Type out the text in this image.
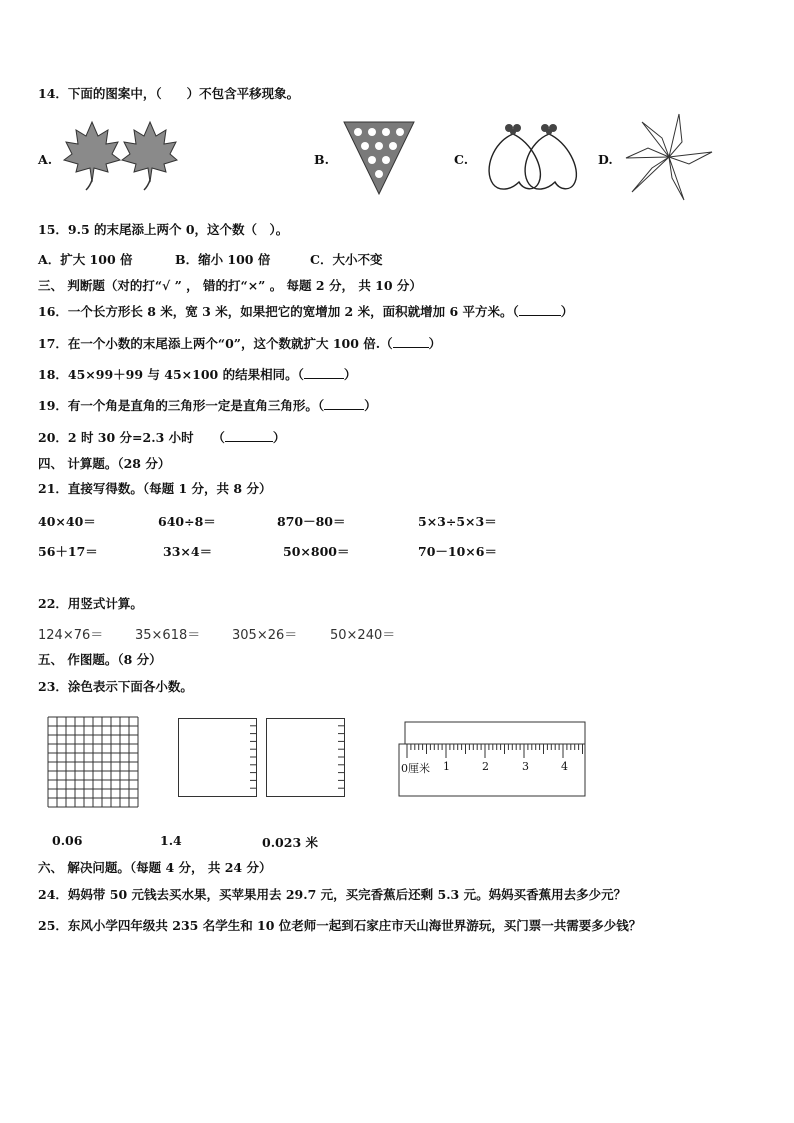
14．下面的图案中，（　　）不包含平移现象。
A.	B.	C.	D.
15．9.5 的末尾添上两个 0，这个数（　）。
A．扩大 100 倍	B．缩小 100 倍	C．大小不变
三、 判断题（对的打“√ ” ， 错的打“×” 。 每题 2 分， 共 10 分）
16．一个长方形长 8 米，宽 3 米，如果把它的宽增加 2 米，面积就增加 6 平方米。（	）
17．在一个小数的末尾添上两个“0”，这个数就扩大 100 倍.（	）
18．45×99＋99 与 45×100 的结果相同。（	）
19．有一个角是直角的三角形一定是直角三角形。（	）
20．2 时 30 分=2.3 小时　　（	）
四、 计算题。（28 分）
21．直接写得数。（每题 1 分，共 8 分）
40×40＝	640÷8＝	870－80＝	5×3÷5×3＝
56＋17＝	33×4＝	50×800＝	70－10×6＝
22．用竖式计算。
124×76＝ 35×618＝ 305×26＝	50×240＝
五、 作图题。（8 分）
23．涂色表示下面各小数。
0厘米 1	2	3	4
0.06	1.4	0.023 米
六、 解决问题。（每题 4 分， 共 24 分）
24．妈妈带 50 元钱去买水果，买苹果用去 29.7 元，买完香蕉后还剩 5.3 元。妈妈买香蕉用去多少元？
25．东风小学四年级共 235 名学生和 10 位老师一起到石家庄市天山海世界游玩，买门票一共需要多少钱？
